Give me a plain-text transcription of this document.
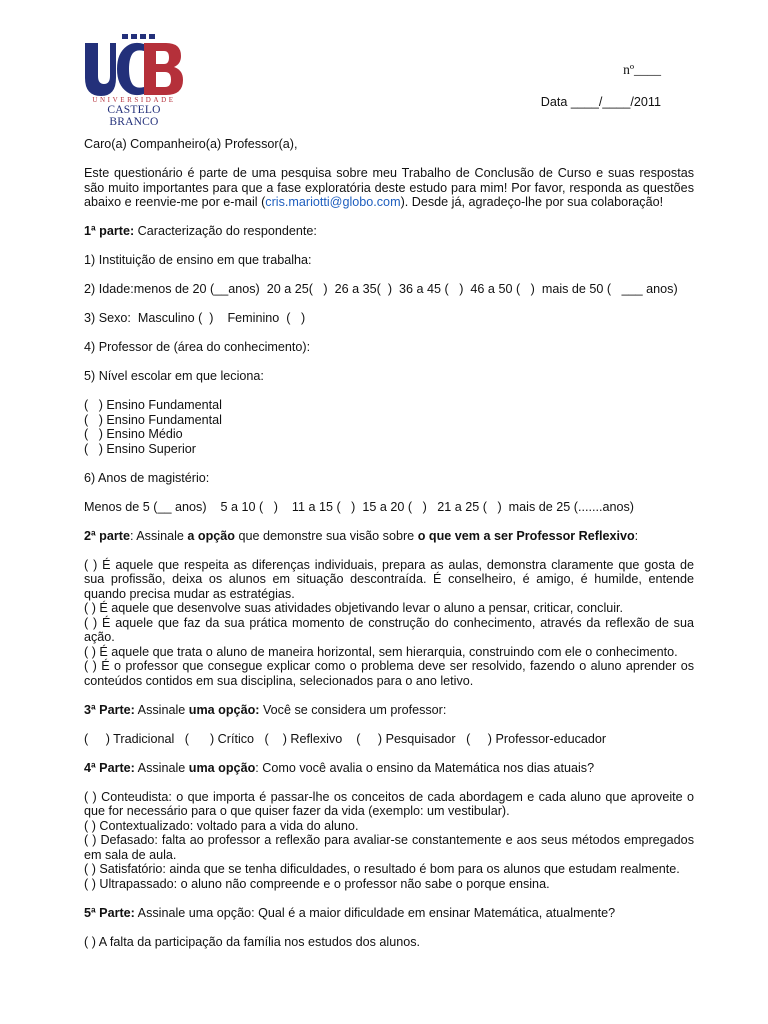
UNIVERSIDADE
CASTELO BRANCO
nº____
Data ____/____/2011

Caro(a) Companheiro(a) Professor(a),

Este questionário é parte de uma pesquisa sobre meu Trabalho de Conclusão de Curso e suas respostas são muito importantes para que a fase exploratória deste estudo para mim! Por favor, responda as questões abaixo e reenvie-me por e-mail (cris.mariotti@globo.com). Desde já, agradeço-lhe por sua colaboração!

1ª parte: Caracterização do respondente:

1) Instituição de ensino em que trabalha:

2) Idade:menos de 20 (__anos)  20 a 25(   )  26 a 35(  )  36 a 45 (   )  46 a 50 (   )  mais de 50 (   ___ anos)

3) Sexo:  Masculino (  )    Feminino  (   )

4) Professor de (área do conhecimento):

5) Nível escolar em que leciona:

(   ) Ensino Fundamental

(   ) Ensino Fundamental

(   ) Ensino Médio

(   ) Ensino Superior

6) Anos de magistério:

Menos de 5 (__ anos)    5 a 10 (   )    11 a 15 (   )  15 a 20 (   )   21 a 25 (   )  mais de 25 (.......anos)

2ª parte: Assinale a opção que demonstre sua visão sobre o que vem a ser Professor Reflexivo:

( ) É aquele que respeita as diferenças individuais, prepara as aulas, demonstra claramente que gosta de sua profissão, deixa os alunos em situação descontraída. É conselheiro, é amigo, é humilde, entende quando precisa mudar as estratégias.

( ) É aquele que desenvolve suas atividades objetivando levar o aluno a pensar, criticar, concluir.

( ) É aquele que faz da sua prática momento de construção do conhecimento, através da reflexão de sua ação.

( ) É aquele que trata o aluno de maneira horizontal, sem hierarquia, construindo com ele o conhecimento.

( ) É o professor que consegue explicar como o problema deve ser resolvido, fazendo o aluno aprender os conteúdos contidos em sua disciplina, selecionados para o ano letivo.

3ª Parte: Assinale uma opção: Você se considera um professor:

(     ) Tradicional   (      ) Crítico   (    ) Reflexivo    (     ) Pesquisador   (     ) Professor-educador

4ª Parte: Assinale uma opção: Como você avalia o ensino da Matemática nos dias atuais?

( ) Conteudista: o que importa é passar-lhe os conceitos de cada abordagem e cada aluno que aproveite o que for necessário para o que quiser fazer da vida (exemplo: um vestibular).

( ) Contextualizado: voltado para a vida do aluno.

( ) Defasado: falta ao professor a reflexão para avaliar-se constantemente e aos seus métodos empregados em sala de aula.

( ) Satisfatório: ainda que se tenha dificuldades, o resultado é bom para os alunos que estudam realmente.

( ) Ultrapassado: o aluno não compreende e o professor não sabe o porque ensina.

5ª Parte: Assinale uma opção: Qual é a maior dificuldade em ensinar Matemática, atualmente?

( ) A falta da participação da família nos estudos dos alunos.
